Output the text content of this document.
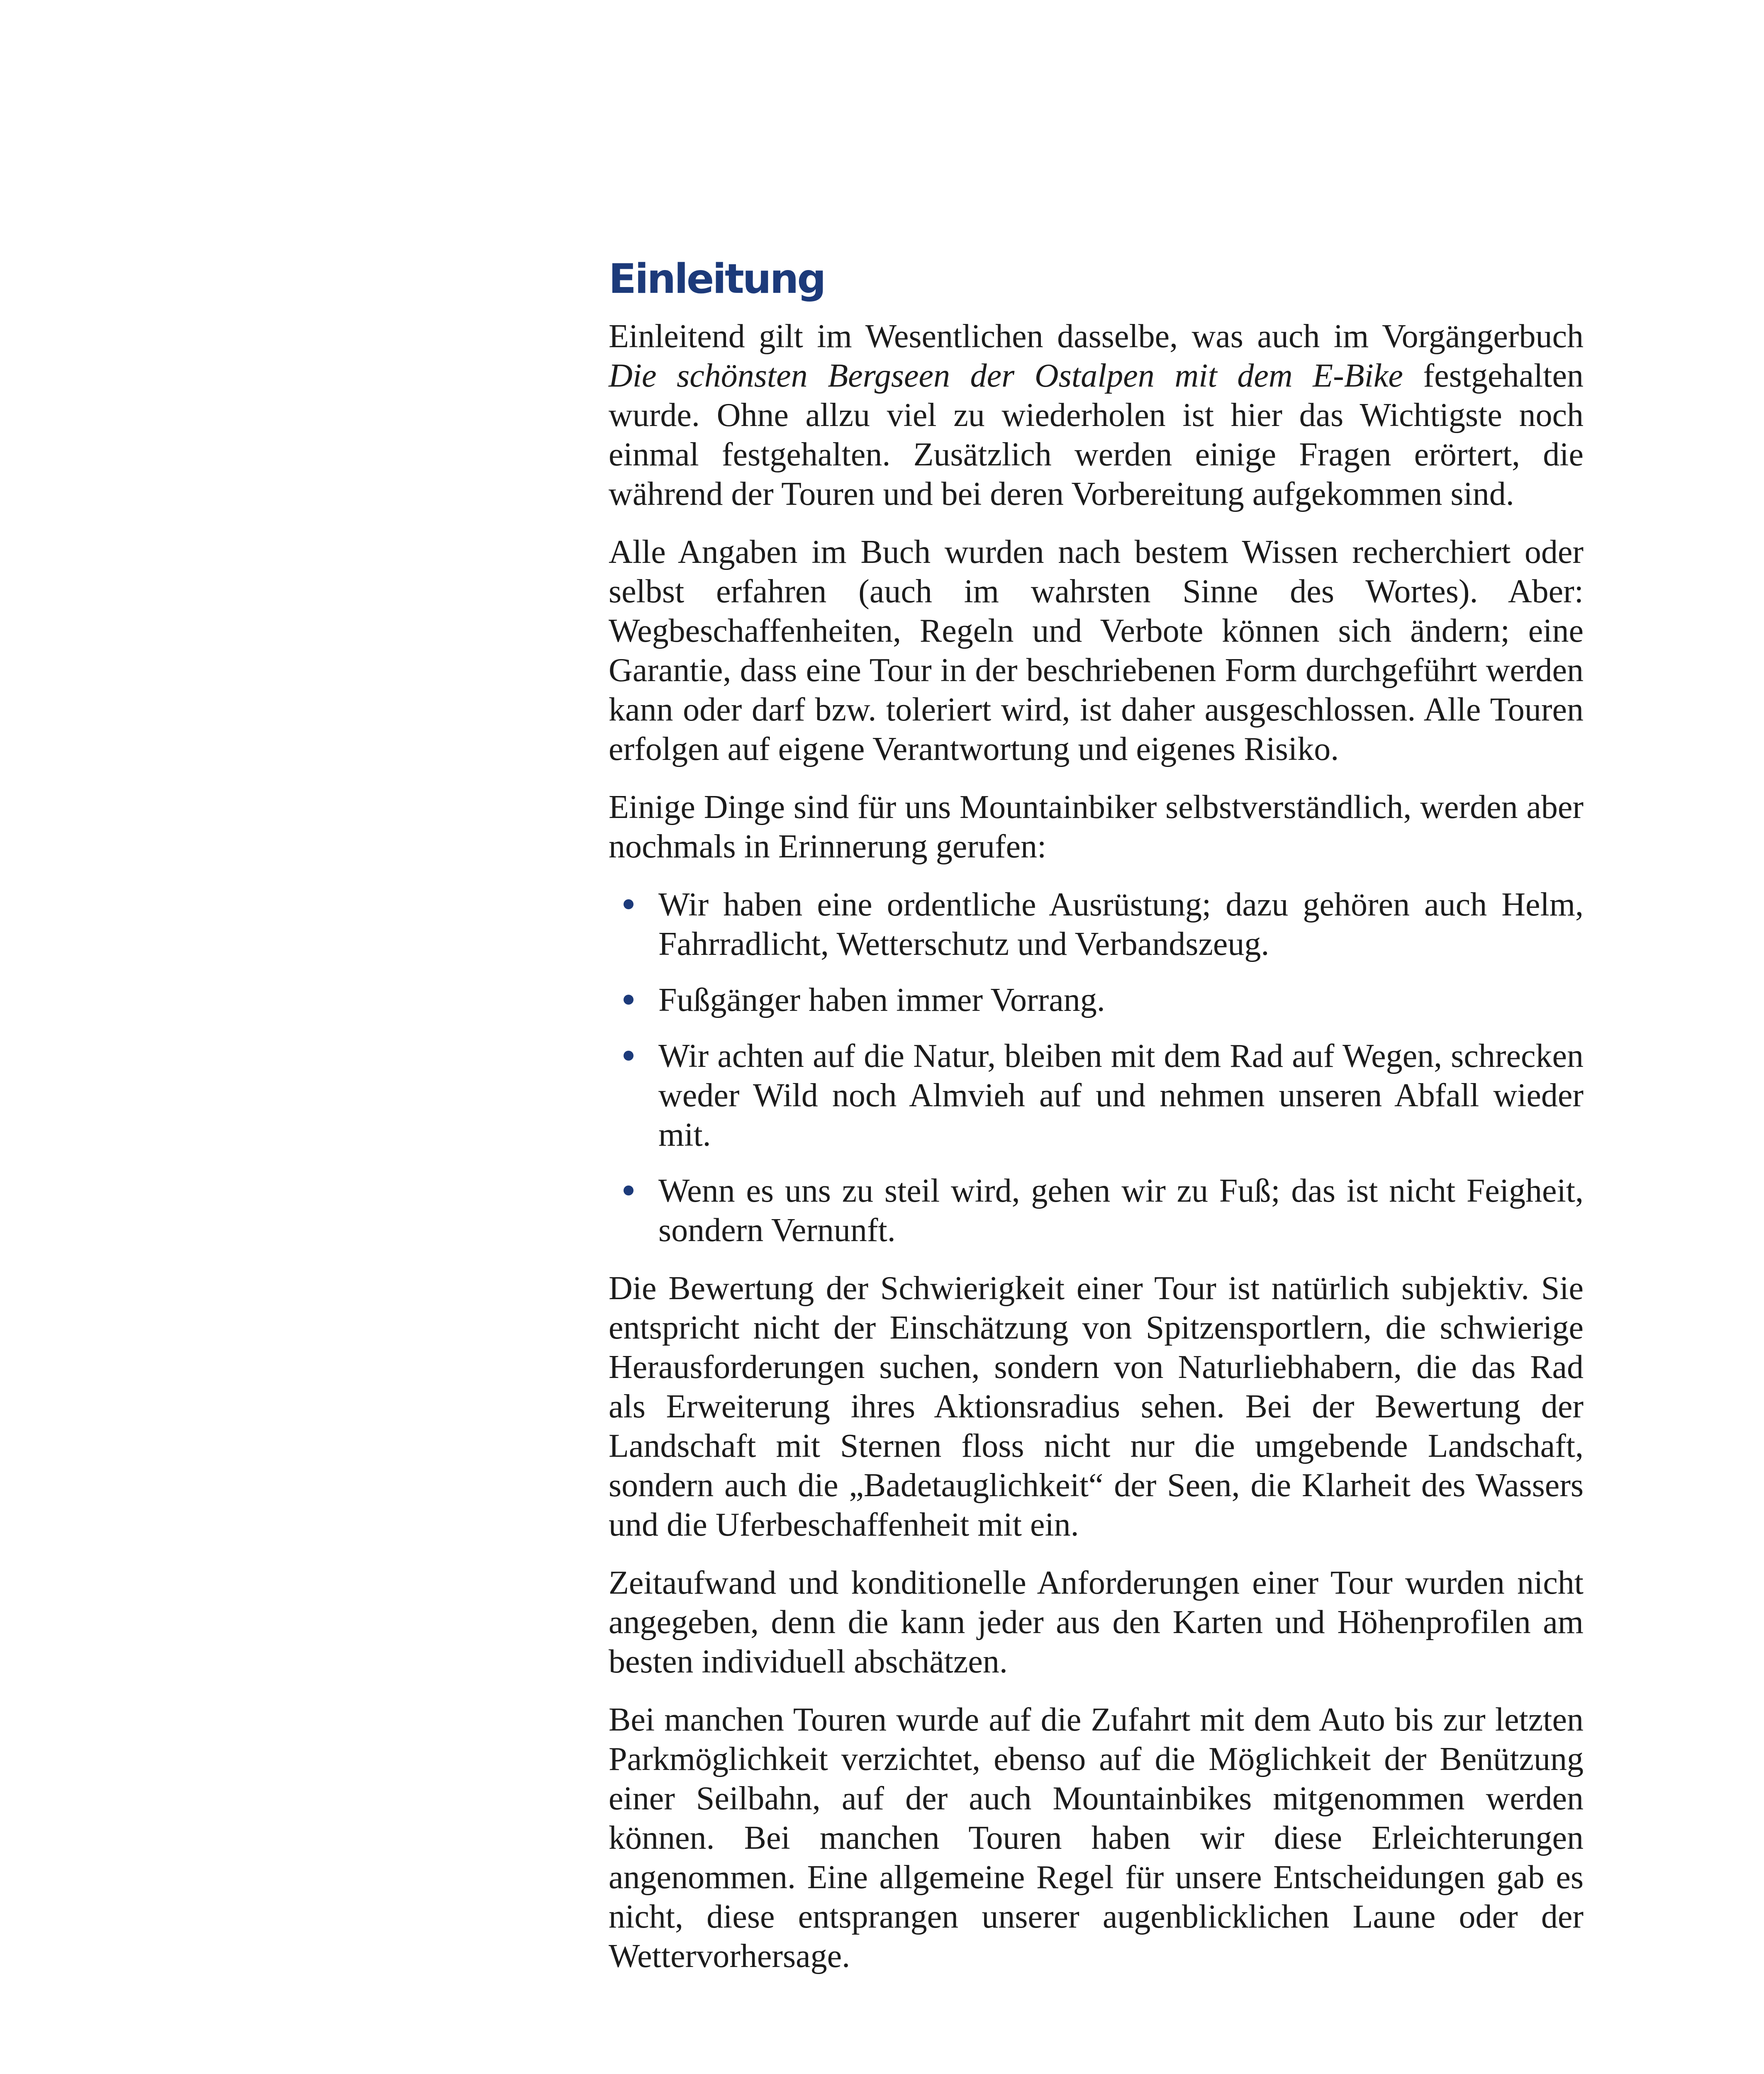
Einleitung

Einleitend gilt im Wesentlichen dasselbe, was auch im Vorgängerbuch Die schönsten Bergseen der Ostalpen mit dem E-Bike festgehalten wurde. Ohne allzu viel zu wiederholen ist hier das Wichtigste noch einmal festgehalten. Zusätzlich werden einige Fragen erörtert, die während der Touren und bei deren Vorbereitung aufgekommen sind.

Alle Angaben im Buch wurden nach bestem Wissen recherchiert oder selbst erfahren (auch im wahrsten Sinne des Wortes). Aber: Wegbeschaffenheiten, Regeln und Verbote können sich ändern; eine Garantie, dass eine Tour in der beschriebenen Form durchgeführt werden kann oder darf bzw. toleriert wird, ist daher ausgeschlossen. Alle Touren erfolgen auf eigene Verantwortung und eigenes Risiko.

Einige Dinge sind für uns Mountainbiker selbstverständlich, werden aber nochmals in Erinnerung gerufen:

Wir haben eine ordentliche Ausrüstung; dazu gehören auch Helm, Fahrradlicht, Wetterschutz und Verbandszeug.
Fußgänger haben immer Vorrang.
Wir achten auf die Natur, bleiben mit dem Rad auf Wegen, schrecken weder Wild noch Almvieh auf und nehmen unseren Abfall wieder mit.
Wenn es uns zu steil wird, gehen wir zu Fuß; das ist nicht Feigheit, sondern Vernunft.

Die Bewertung der Schwierigkeit einer Tour ist natürlich subjektiv. Sie entspricht nicht der Einschätzung von Spitzensportlern, die schwierige Herausforderungen suchen, sondern von Naturliebhabern, die das Rad als Erweiterung ihres Aktionsradius sehen. Bei der Bewertung der Landschaft mit Sternen floss nicht nur die umgebende Landschaft, sondern auch die „Badetauglichkeit“ der Seen, die Klarheit des Wassers und die Uferbeschaffenheit mit ein.

Zeitaufwand und konditionelle Anforderungen einer Tour wurden nicht angegeben, denn die kann jeder aus den Karten und Höhenprofilen am besten individuell abschätzen.

Bei manchen Touren wurde auf die Zufahrt mit dem Auto bis zur letzten Parkmöglichkeit verzichtet, ebenso auf die Möglichkeit der Benützung einer Seilbahn, auf der auch Mountainbikes mitgenommen werden können. Bei manchen Touren haben wir diese Erleichterungen angenommen. Eine allgemeine Regel für unsere Entscheidungen gab es nicht, diese entsprangen unserer augenblicklichen Laune oder der Wettervorhersage.
